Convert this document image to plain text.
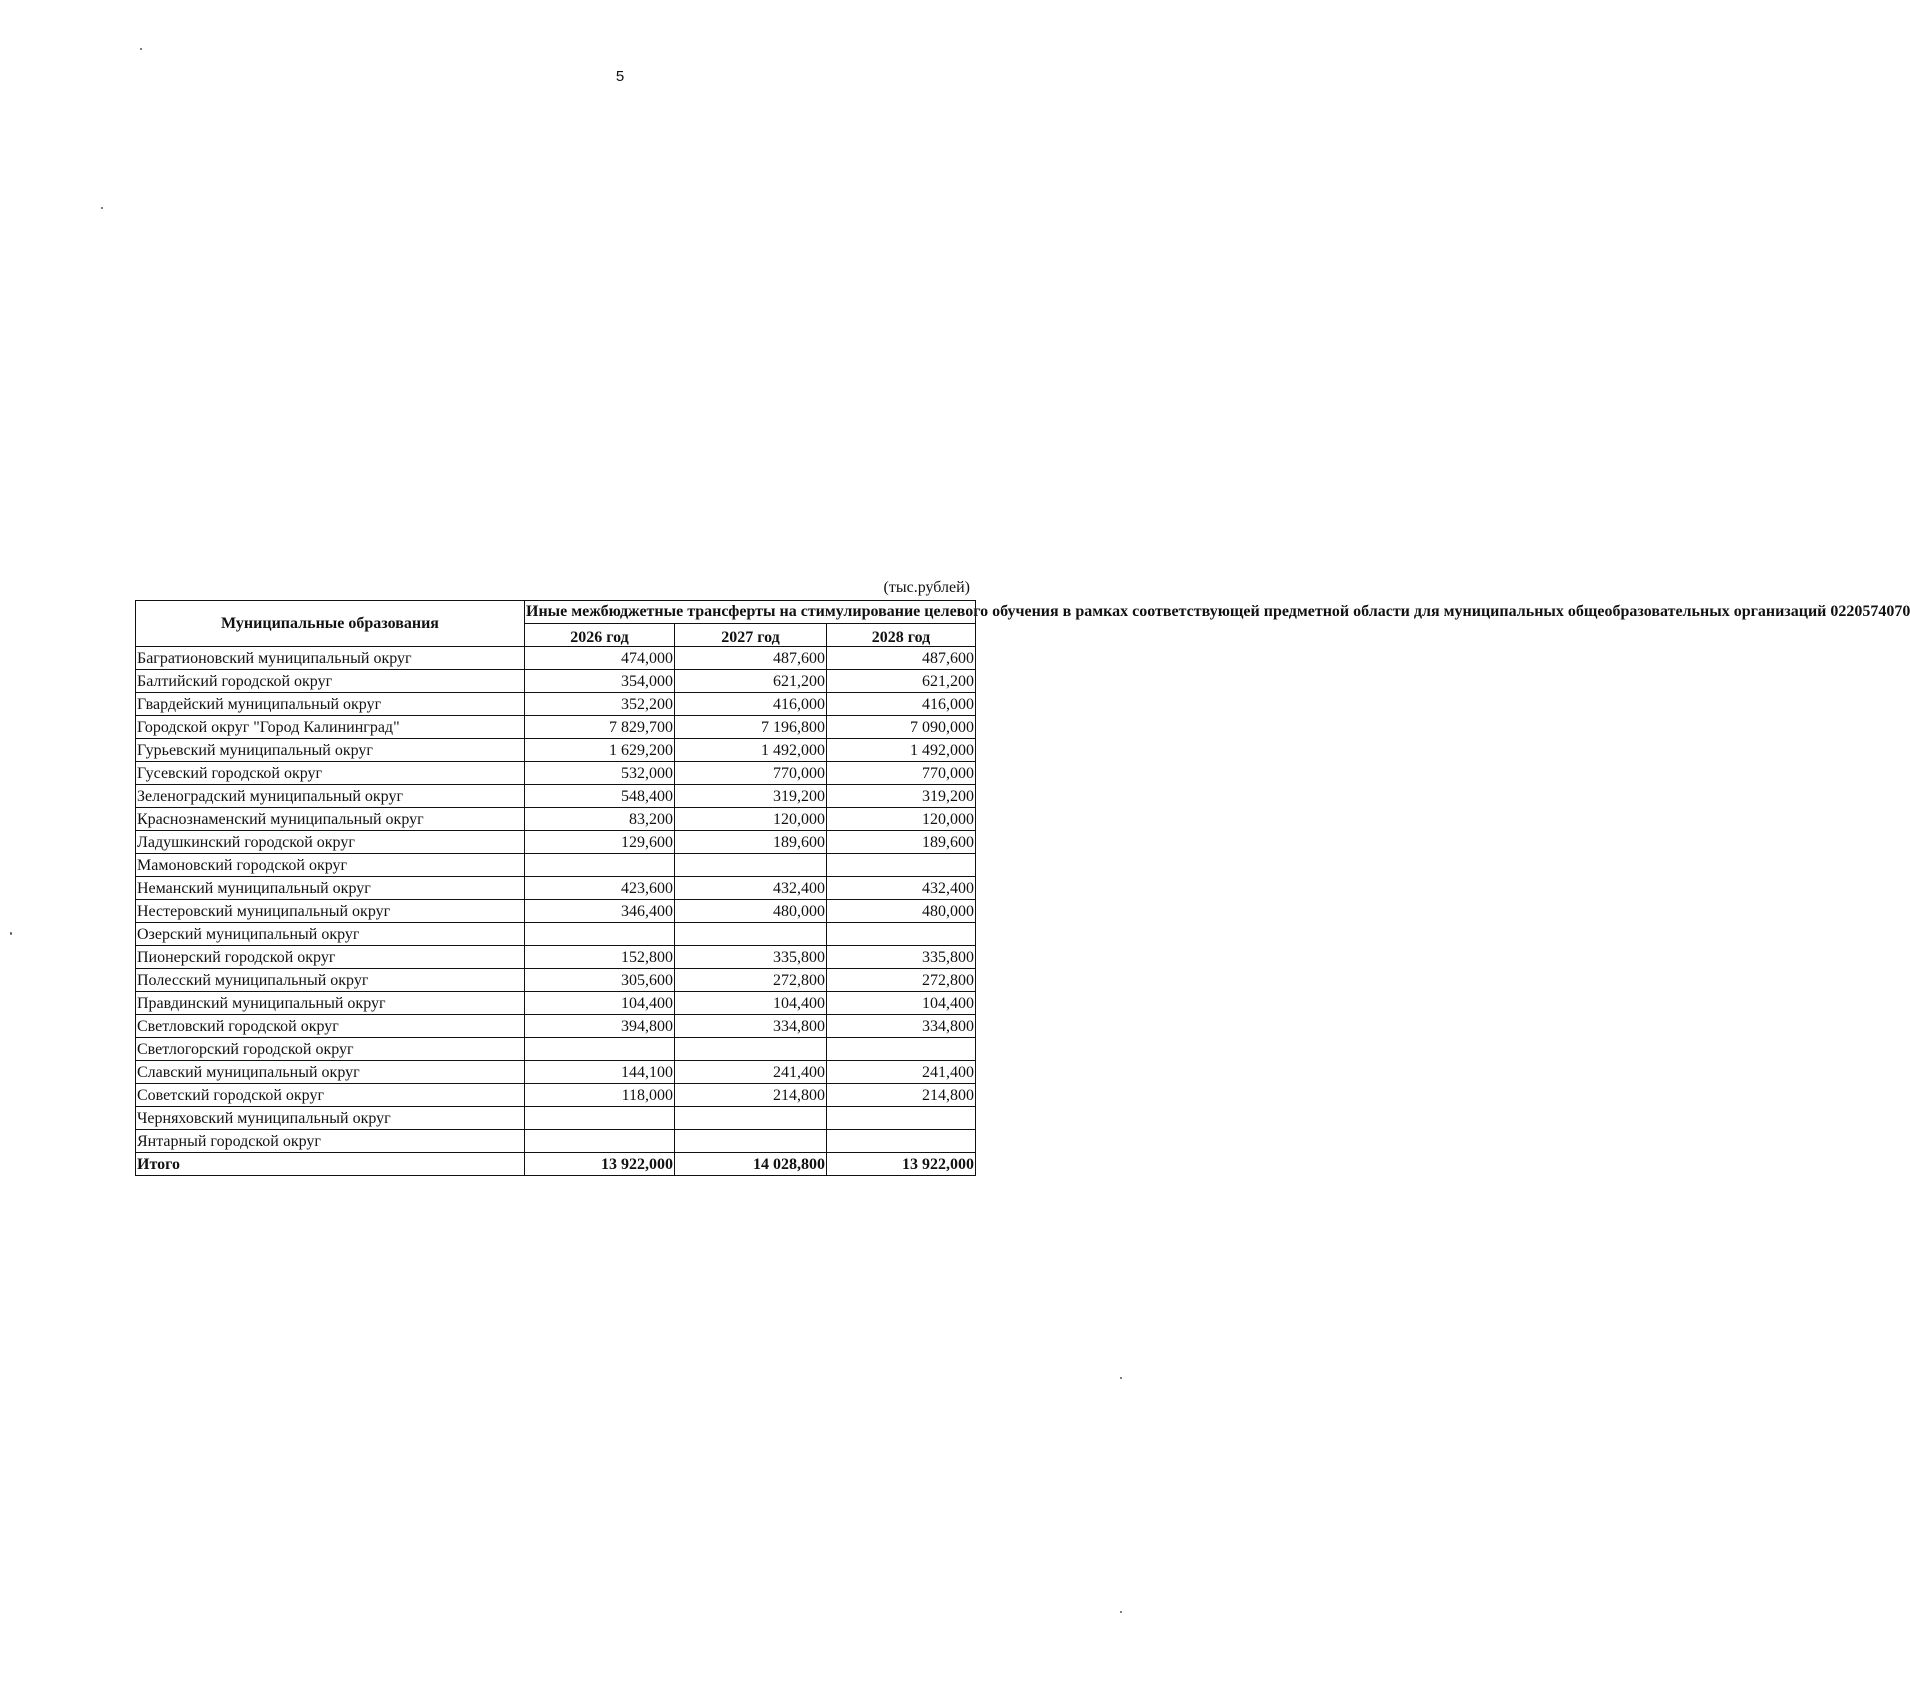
5
(тыс.рублей)
Муниципальные образования	Иные межбюджетные трансферты на стимулирование целевого обучения в рамках соответствующей предметной области для муниципальных общеобразовательных организаций 0220574070		
	2026 год	2027 год	2028 год
Багратионовский муниципальный округ	474,000	487,600	487,600
Балтийский городской округ	354,000	621,200	621,200
Гвардейский муниципальный округ	352,200	416,000	416,000
Городской округ "Город Калининград"	7 829,700	7 196,800	7 090,000
Гурьевский муниципальный округ	1 629,200	1 492,000	1 492,000
Гусевский городской округ	532,000	770,000	770,000
Зеленоградский муниципальный округ	548,400	319,200	319,200
Краснознаменский муниципальный округ	83,200	120,000	120,000
Ладушкинский городской округ	129,600	189,600	189,600
Мамоновский городской округ			
Неманский муниципальный округ	423,600	432,400	432,400
Нестеровский муниципальный округ	346,400	480,000	480,000
Озерский муниципальный округ			
Пионерский городской округ	152,800	335,800	335,800
Полесский муниципальный округ	305,600	272,800	272,800
Правдинский муниципальный округ	104,400	104,400	104,400
Светловский городской округ	394,800	334,800	334,800
Светлогорский городской округ			
Славский муниципальный округ	144,100	241,400	241,400
Советский городской округ	118,000	214,800	214,800
Черняховский муниципальный округ			
Янтарный городской округ			
Итого	13 922,000	14 028,800	13 922,000
